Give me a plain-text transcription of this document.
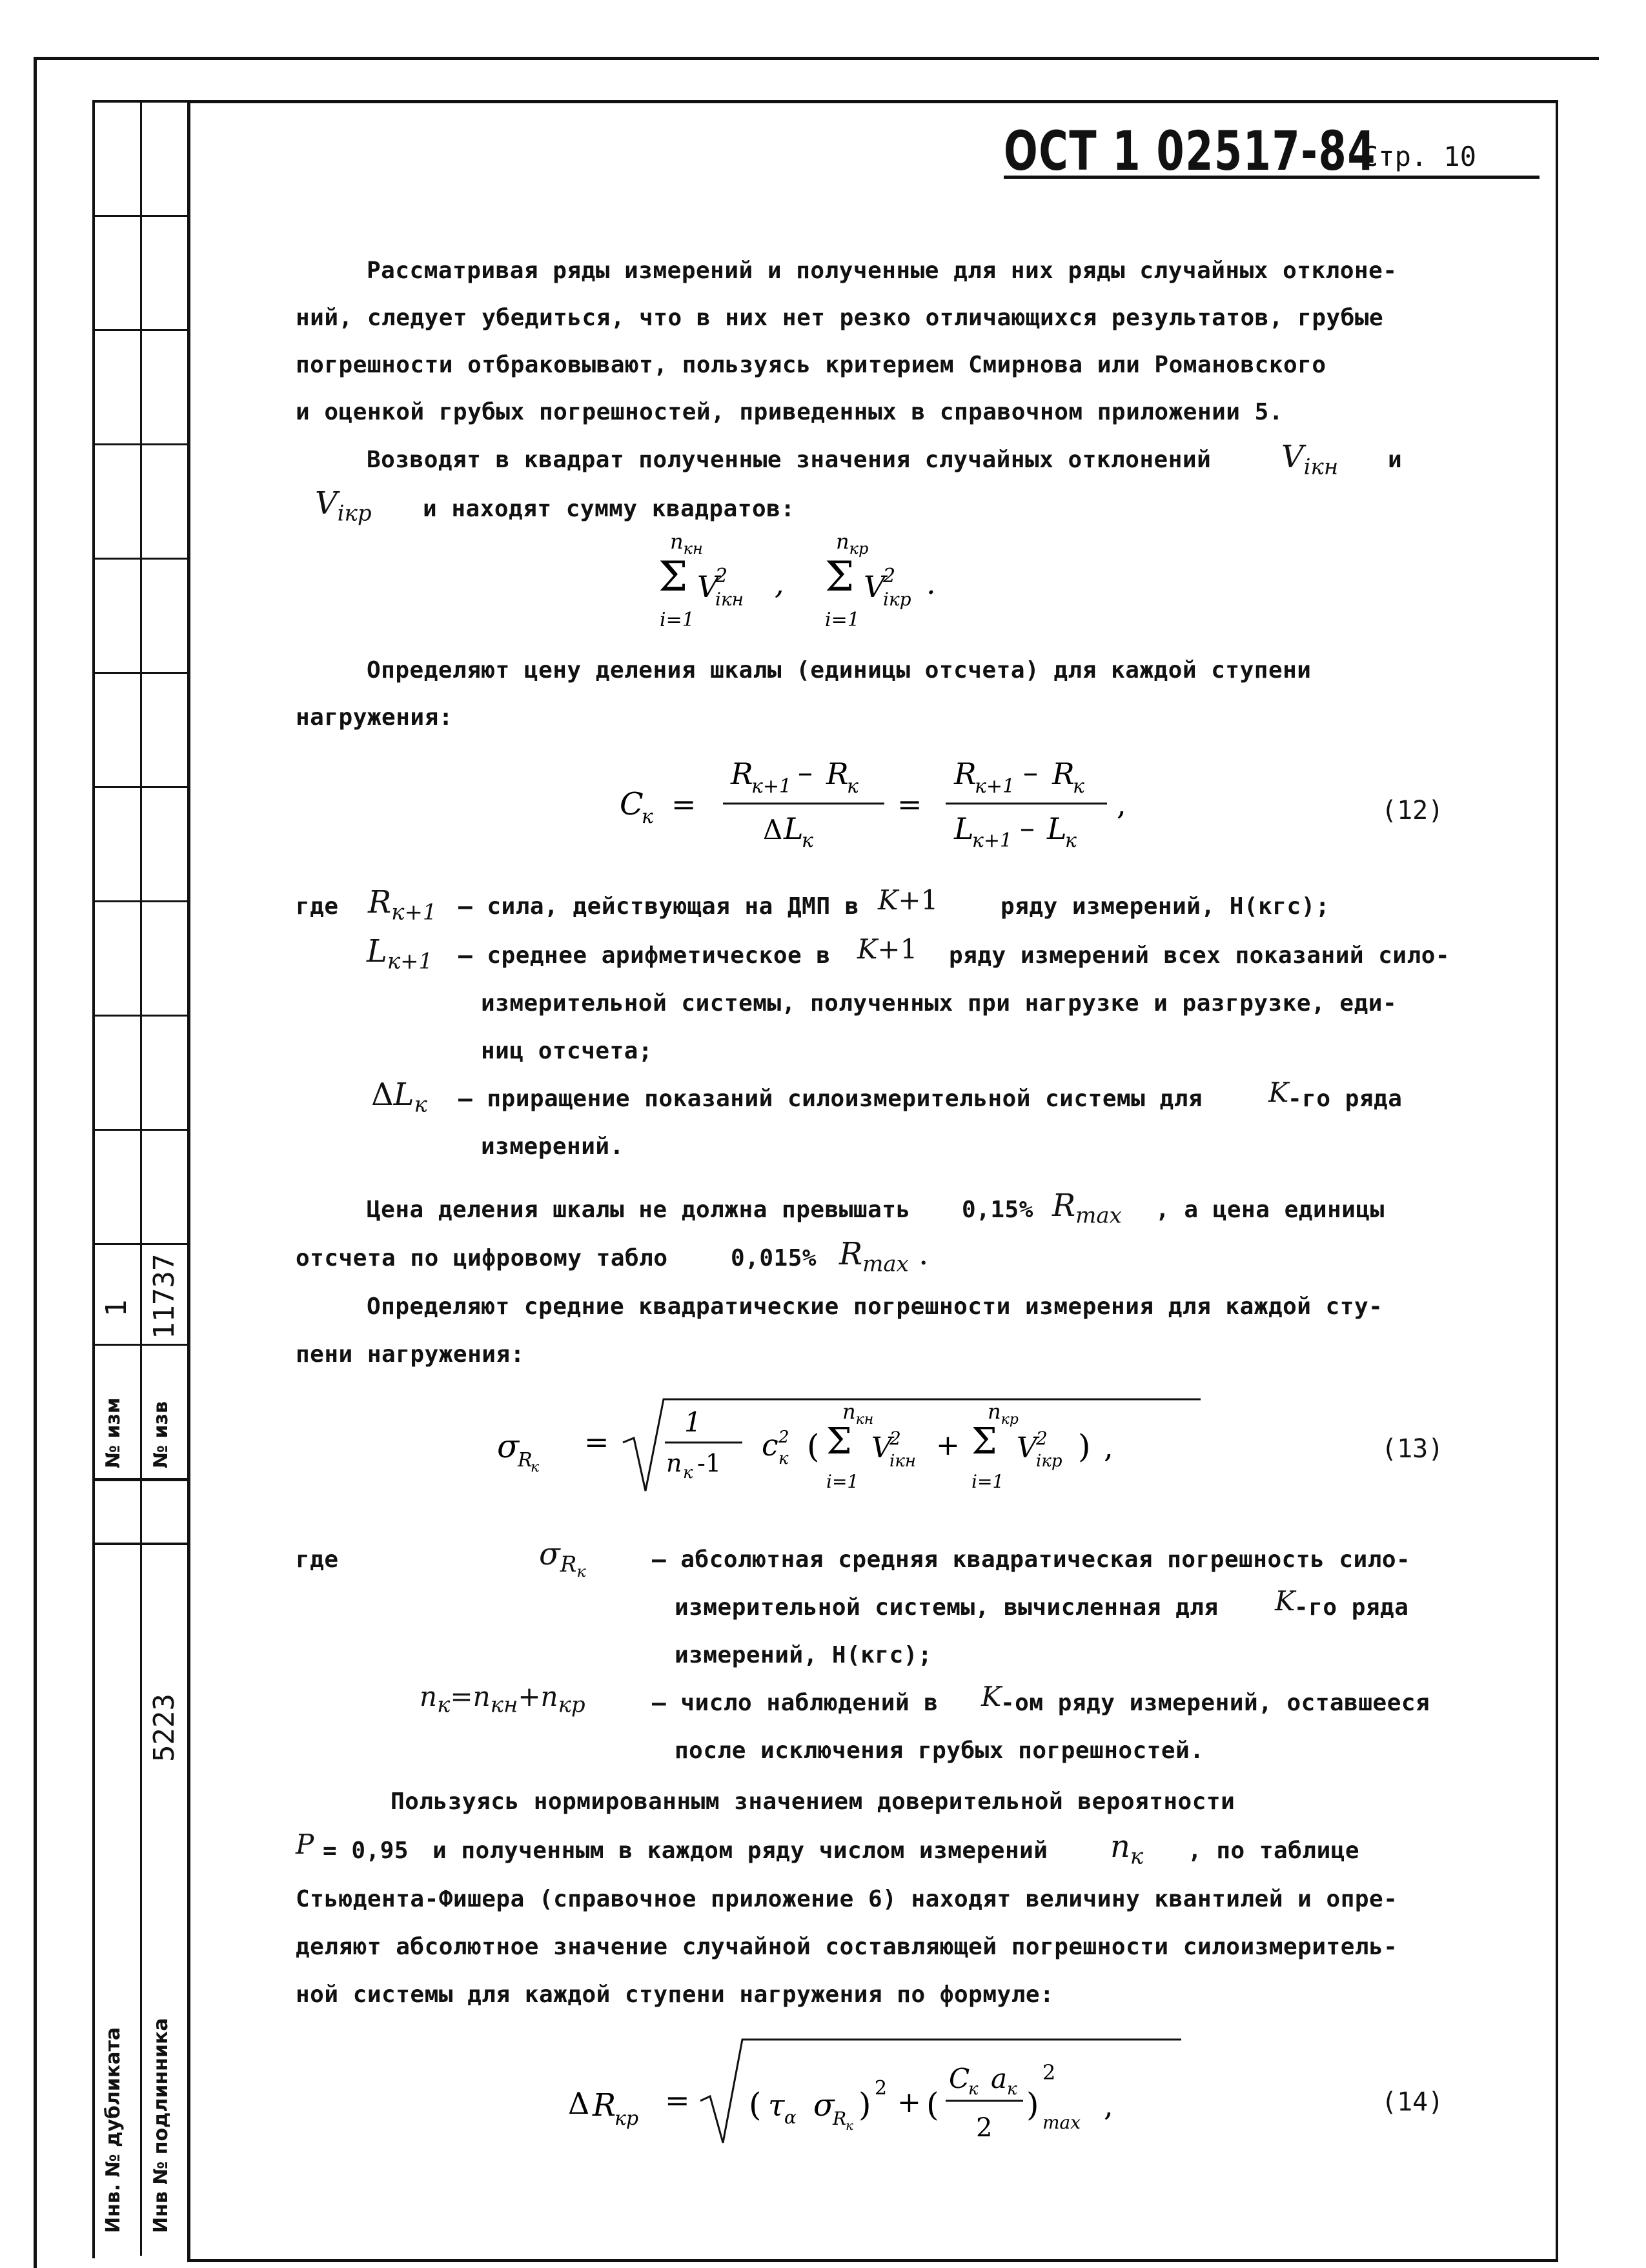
№ изм
1
№ изв
11737
5223
Инв. № дубликата Инв № подлинника
ОСТ 1 02517-84
Стр. 10
Рассматривая ряды измерений и полученные для них ряды случайных отклоне-
ний, следует убедиться, что в них нет резко отличающихся результатов, грубые
погрешности отбраковывают, пользуясь критерием Смирнова или Романовского
и оценкой грубых погрешностей, приведенных в справочном приложении 5.
Возводят в квадрат полученные значения случайных отклонений $V_{iкн}$ и
$V_{iкр}$ и находят сумму квадратов:
$n_{кн}$
Σ
i=1
V
2
iкн ,
$n_{кр}$
Σ
i=1
V
2
iкр .
Определяют цену деления шкалы (единицы отсчета) для каждой ступени
нагружения:
C
к =
R
к+1 – R
к
Δ L
к
=
R
к+1 – R
к
L
к+1 – L
к
,	(12)
где $R_{к+1}$ – сила, действующая на ДМП в K+1	ряду измерений, Н(кгс);
$L_{к+1}$ – среднее арифметическое в K+1 ряду измерений всех показаний сило-
измерительной системы, полученных при нагрузке и разгрузке, еди-
ниц отсчета;
$\Delta L_к$ – приращение показаний силоизмерительной системы для K
-го ряда
измерений.
Цена деления шкалы не должна превышать 0,15% $R_{max}$ , а цена единицы
отсчета по цифровому табло	0,015% $R_{max}$ .
Определяют средние квадратические погрешности измерения для каждой сту-
пени нагружения:
σ
R
к
=
1
n к -1
c 2
к ( Σ
$n_{кн}$
i=1
V
2
iкн + Σ
$n_{кр}$
i=1
V
2
iкр ) ,	(13)
где	$\sigma_{R_к}$	– абсолютная средняя квадратическая погрешность сило-
измерительной системы, вычисленная для K
-го ряда
измерений, Н(кгс);
$n_к=n_{кн}+n_{кр}$	– число наблюдений в K
-ом ряду измерений, оставшееся
после исключения грубых погрешностей.
Пользуясь нормированным значением доверительной вероятности
P = 0,95 и полученным в каждом ряду числом измерений $n_к$ , по таблице
Стьюдента-Фишера (справочное приложение 6) находят величину квантилей и опре-
деляют абсолютное значение случайной составляющей погрешности силоизмеритель-
ной системы для каждой ступени нагружения по формуле:
Δ R
кр
= ( τ α σ
R
к
) 2 + (
C
к a к
2
)
2
max ,	(14)
